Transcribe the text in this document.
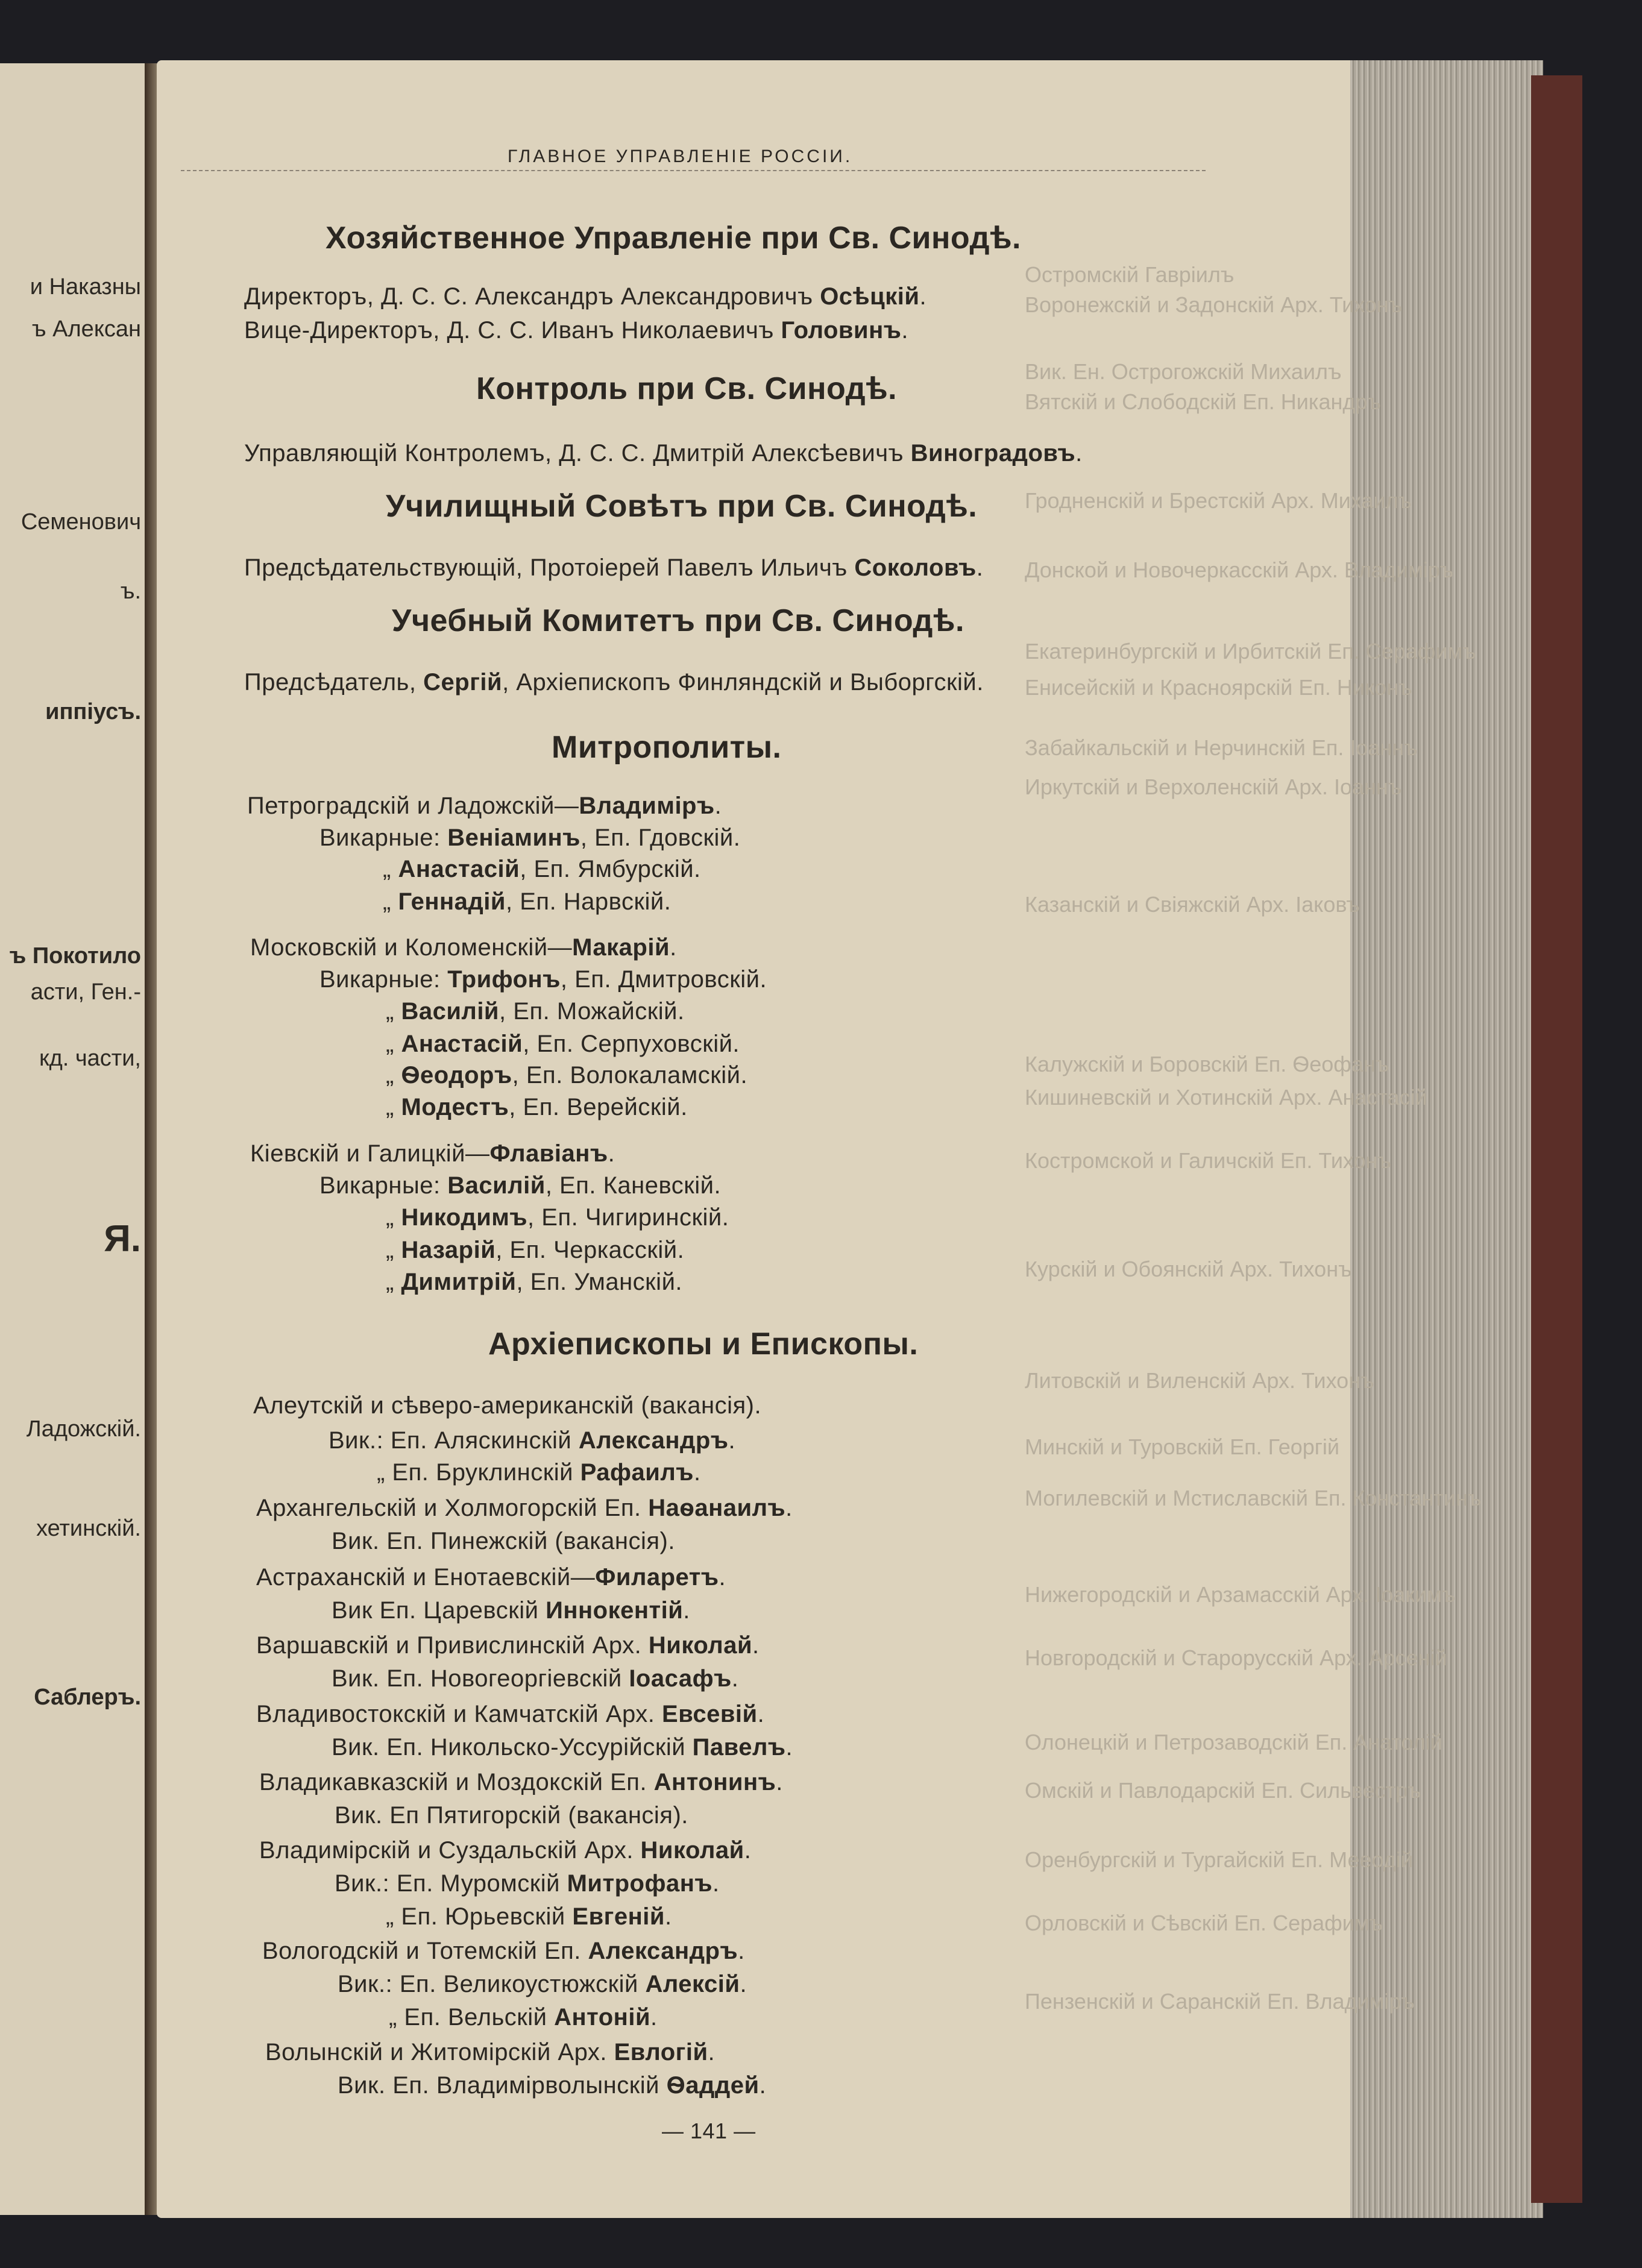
и Наказны
ъ Алексан
Семенович
ъ.
иппіусъ.
ъ Покотило
асти, Ген.-
кд. части,
Я.
Ладожскій.
хетинскій.
Саблеръ.
ГЛАВНОЕ УПРАВЛЕНІЕ РОССІИ.
— 141 —
Остромскій Гавріилъ
Воронежскій и Задонскій Арх. Тихонъ
Вик. Ен. Острогожскій Михаилъ
Вятскій и Слободскій Еп. Никандръ
Гродненскій и Брестскій Арх. Михаилъ
Донской и Новочеркасскій Арх. Владиміръ
Екатеринбургскій и Ирбитскій Еп. Серафимъ
Енисейскій и Красноярскій Еп. Никонъ
Забайкальскій и Нерчинскій Еп. Іоаннъ
Иркутскій и Верхоленскій Арх. Іоаннъ
Казанскій и Свіяжскій Арх. Іаковъ
Калужскій и Боровскій Еп. Ѳеофанъ
Кишиневскій и Хотинскій Арх. Анастасій
Костромской и Галичскій Еп. Тихонъ
Курскій и Обоянскій Арх. Тихонъ
Литовскій и Виленскій Арх. Тихонъ
Минскій и Туровскій Еп. Георгій
Могилевскій и Мстиславскій Еп. Константинъ
Нижегородскій и Арзамасскій Арх. Іоакимъ
Новгородскій и Старорусскій Арх. Арсеній
Олонецкій и Петрозаводскій Еп. Анатолій
Омскій и Павлодарскій Еп. Сильвестръ
Оренбургскій и Тургайскій Еп. Мееодій
Орловскій и Сѣвскій Еп. Серафимъ
Пензенскій и Саранскій Еп. Владиміръ
Хозяйственное Управленіе при Св. Синодѣ.
Директоръ, Д. С. С. Александръ Александровичъ Осѣцкій.
Вице-Директоръ, Д. С. С. Иванъ Николаевичъ Головинъ.
Контроль при Св. Синодѣ.
Управляющій Контролемъ, Д. С. С. Дмитрій Алексѣевичъ Виноградовъ.
Училищный Совѣтъ при Св. Синодѣ.
Предсѣдательствующій, Протоіерей Павелъ Ильичъ Соколовъ.
Учебный Комитетъ при Св. Синодѣ.
Предсѣдатель, Сергій, Архіепископъ Финляндскій и Выборгскій.
Митрополиты.
Петроградскій и Ладожскій—Владиміръ.
Викарные: Веніаминъ, Еп. Гдовскій.
„ Анастасій, Еп. Ямбурскій.
„ Геннадій, Еп. Нарвскій.
Московскій и Коломенскій—Макарій.
Викарные: Трифонъ, Еп. Дмитровскій.
„ Василій, Еп. Можайскій.
„ Анастасій, Еп. Серпуховскій.
„ Ѳеодоръ, Еп. Волокаламскій.
„ Модестъ, Еп. Верейскій.
Кіевскій и Галицкій—Флавіанъ.
Викарные: Василій, Еп. Каневскій.
„ Никодимъ, Еп. Чигиринскій.
„ Назарій, Еп. Черкасскій.
„ Димитрій, Еп. Уманскій.
Архіепископы и Епископы.
Алеутскій и сѣверо-американскій (вакансія).
Вик.: Еп. Аляскинскій Александръ.
„ Еп. Бруклинскій Рафаилъ.
Архангельскій и Холмогорскій Еп. Наѳанаилъ.
Вик. Еп. Пинежскій (вакансія).
Астраханскій и Енотаевскій—Филаретъ.
Вик Еп. Царевскій Иннокентій.
Варшавскій и Привислинскій Арх. Николай.
Вик. Еп. Новогеоргіевскій Іоасафъ.
Владивостокскій и Камчатскій Арх. Евсевій.
Вик. Еп. Никольско-Уссурійскій Павелъ.
Владикавказскій и Моздокскій Еп. Антонинъ.
Вик. Еп Пятигорскій (вакансія).
Владимірскій и Суздальскій Арх. Николай.
Вик.: Еп. Муромскій Митрофанъ.
„ Еп. Юрьевскій Евгеній.
Вологодскій и Тотемскій Еп. Александръ.
Вик.: Еп. Великоустюжскій Алексій.
„ Еп. Вельскій Антоній.
Волынскій и Житомірскій Арх. Евлогій.
Вик. Еп. Владимірволынскій Ѳаддей.
